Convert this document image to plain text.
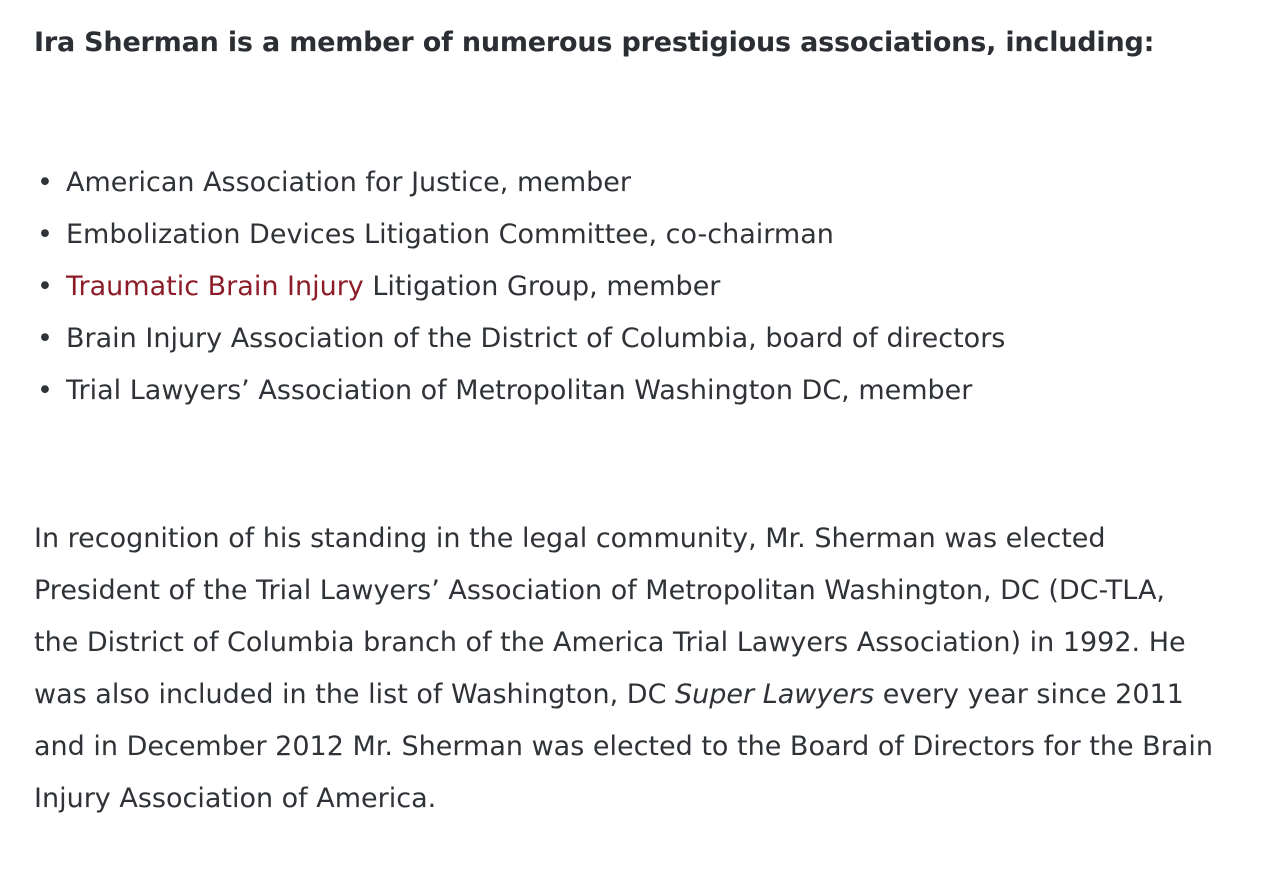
Ira Sherman is a member of numerous prestigious associations, including:
• American Association for Justice, member
• Embolization Devices Litigation Committee, co-chairman
• Traumatic Brain Injury Litigation Group, member
• Brain Injury Association of the District of Columbia, board of directors
• Trial Lawyers’ Association of Metropolitan Washington DC, member

In recognition of his standing in the legal community, Mr. Sherman was elected President of the Trial Lawyers’ Association of Metropolitan Washington, DC (DC-TLA, the District of Columbia branch of the America Trial Lawyers Association) in 1992. He was also included in the list of Washington, DC Super Lawyers every year since 2011 and in December 2012 Mr. Sherman was elected to the Board of Directors for the Brain Injury Association of America.
